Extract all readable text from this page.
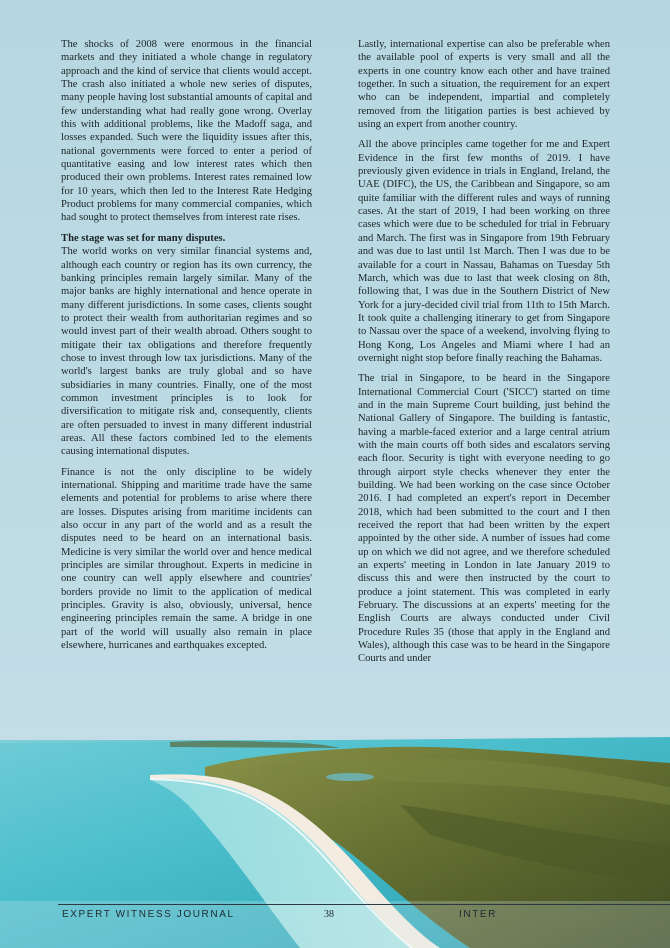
The shocks of 2008 were enormous in the financial markets and they initiated a whole change in regulatory approach and the kind of service that clients would accept. The crash also initiated a whole new series of disputes, many people having lost substantial amounts of capital and few understanding what had really gone wrong. Overlay this with additional problems, like the Madoff saga, and losses expanded. Such were the liquidity issues after this, national governments were forced to enter a period of quantitative easing and low interest rates which then produced their own problems. Interest rates remained low for 10 years, which then led to the Interest Rate Hedging Product problems for many commercial companies, which had sought to protect themselves from interest rate rises.

The stage was set for many disputes.

The world works on very similar financial systems and, although each country or region has its own currency, the banking principles remain largely similar. Many of the major banks are highly international and hence operate in many different jurisdictions. In some cases, clients sought to protect their wealth from authoritarian regimes and so would invest part of their wealth abroad. Others sought to mitigate their tax obligations and therefore frequently chose to invest through low tax jurisdictions. Many of the world's largest banks are truly global and so have subsidiaries in many countries. Finally, one of the most common investment principles is to look for diversification to mitigate risk and, consequently, clients are often persuaded to invest in many different industrial areas. All these factors combined led to the elements causing international disputes.

Finance is not the only discipline to be widely international. Shipping and maritime trade have the same elements and potential for problems to arise where there are losses. Disputes arising from maritime incidents can also occur in any part of the world and as a result the disputes need to be heard on an international basis. Medicine is very similar the world over and hence medical principles are similar throughout. Experts in medicine in one country can well apply elsewhere and countries' borders provide no limit to the application of medical principles. Gravity is also, obviously, universal, hence engineering principles remain the same. A bridge in one part of the world will usually also remain in place elsewhere, hurricanes and earthquakes excepted.

Lastly, international expertise can also be preferable when the available pool of experts is very small and all the experts in one country know each other and have trained together. In such a situation, the requirement for an expert who can be independent, impartial and completely removed from the litigation parties is best achieved by using an expert from another country.

All the above principles came together for me and Expert Evidence in the first few months of 2019. I have previously given evidence in trials in England, Ireland, the UAE (DIFC), the US, the Caribbean and Singapore, so am quite familiar with the different rules and ways of running cases. At the start of 2019, I had been working on three cases which were due to be scheduled for trial in February and March. The first was in Singapore from 19th February and was due to last until 1st March. Then I was due to be available for a court in Nassau, Bahamas on Tuesday 5th March, which was due to last that week closing on 8th, following that, I was due in the Southern District of New York for a jury-decided civil trial from 11th to 15th March. It took quite a challenging itinerary to get from Singapore to Nassau over the space of a weekend, involving flying to Hong Kong, Los Angeles and Miami where I had an overnight night stop before finally reaching the Bahamas.

The trial in Singapore, to be heard in the Singapore International Commercial Court ('SICC') started on time and in the main Supreme Court building, just behind the National Gallery of Singapore. The building is fantastic, having a marble-faced exterior and a large central atrium with the main courts off both sides and escalators serving each floor. Security is tight with everyone needing to go through airport style checks whenever they enter the building. We had been working on the case since October 2016. I had completed an expert's report in December 2018, which had been submitted to the court and I then received the report that had been written by the expert appointed by the other side. A number of issues had come up on which we did not agree, and we therefore scheduled an experts' meeting in London in late January 2019 to discuss this and were then instructed by the court to produce a joint statement. This was completed in early February. The discussions at an experts' meeting for the English Courts are always conducted under Civil Procedure Rules 35 (those that apply in the England and Wales), although this case was to be heard in the Singapore Courts and under

EXPERT WITNESS JOURNAL	38	INTER
